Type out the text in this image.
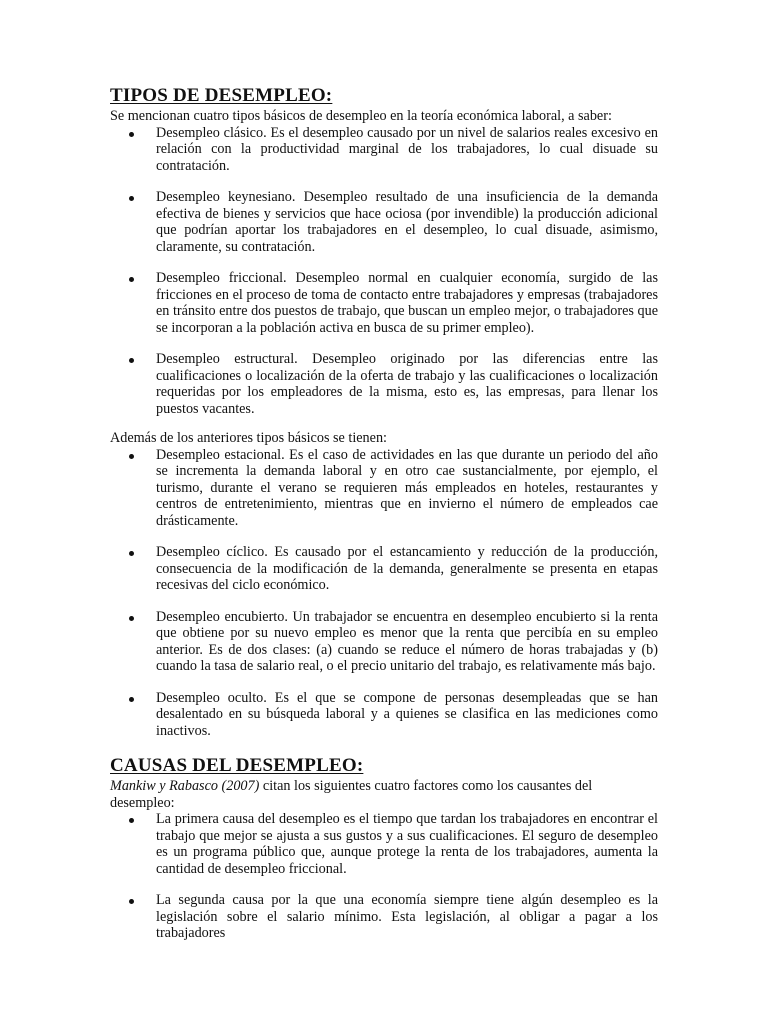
TIPOS DE DESEMPLEO:

Se mencionan cuatro tipos básicos de desempleo en la teoría económica laboral, a saber:

Desempleo clásico. Es el desempleo causado por un nivel de salarios reales excesivo en relación con la productividad marginal de los trabajadores, lo cual disuade su contratación.
Desempleo keynesiano. Desempleo resultado de una insuficiencia de la demanda efectiva de bienes y servicios que hace ociosa (por invendible) la producción adicional que podrían aportar los trabajadores en el desempleo, lo cual disuade, asimismo, claramente, su contratación.
Desempleo friccional. Desempleo normal en cualquier economía, surgido de las fricciones en el proceso de toma de contacto entre trabajadores y empresas (trabajadores en tránsito entre dos puestos de trabajo, que buscan un empleo mejor, o trabajadores que se incorporan a la población activa en busca de su primer empleo).
Desempleo estructural. Desempleo originado por las diferencias entre las cualificaciones o localización de la oferta de trabajo y las cualificaciones o localización requeridas por los empleadores de la misma, esto es, las empresas, para llenar los puestos vacantes.

Además de los anteriores tipos básicos se tienen:

Desempleo estacional. Es el caso de actividades en las que durante un periodo del año se incrementa la demanda laboral y en otro cae sustancialmente, por ejemplo, el turismo, durante el verano se requieren más empleados en hoteles, restaurantes y centros de entretenimiento, mientras que en invierno el número de empleados cae drásticamente.
Desempleo cíclico. Es causado por el estancamiento y reducción de la producción, consecuencia de la modificación de la demanda, generalmente se presenta en etapas recesivas del ciclo económico.
Desempleo encubierto. Un trabajador se encuentra en desempleo encubierto si la renta que obtiene por su nuevo empleo es menor que la renta que percibía en su empleo anterior. Es de dos clases: (a) cuando se reduce el número de horas trabajadas y (b) cuando la tasa de salario real, o el precio unitario del trabajo, es relativamente más bajo.
Desempleo oculto. Es el que se compone de personas desempleadas que se han desalentado en su búsqueda laboral y a quienes se clasifica en las mediciones como inactivos.
CAUSAS DEL DESEMPLEO:

Mankiw y Rabasco (2007) citan los siguientes cuatro factores como los causantes del desempleo:

La primera causa del desempleo es el tiempo que tardan los trabajadores en encontrar el trabajo que mejor se ajusta a sus gustos y a sus cualificaciones. El seguro de desempleo es un programa público que, aunque protege la renta de los trabajadores, aumenta la cantidad de desempleo friccional.
La segunda causa por la que una economía siempre tiene algún desempleo es la legislación sobre el salario mínimo. Esta legislación, al obligar a pagar a los trabajadores
